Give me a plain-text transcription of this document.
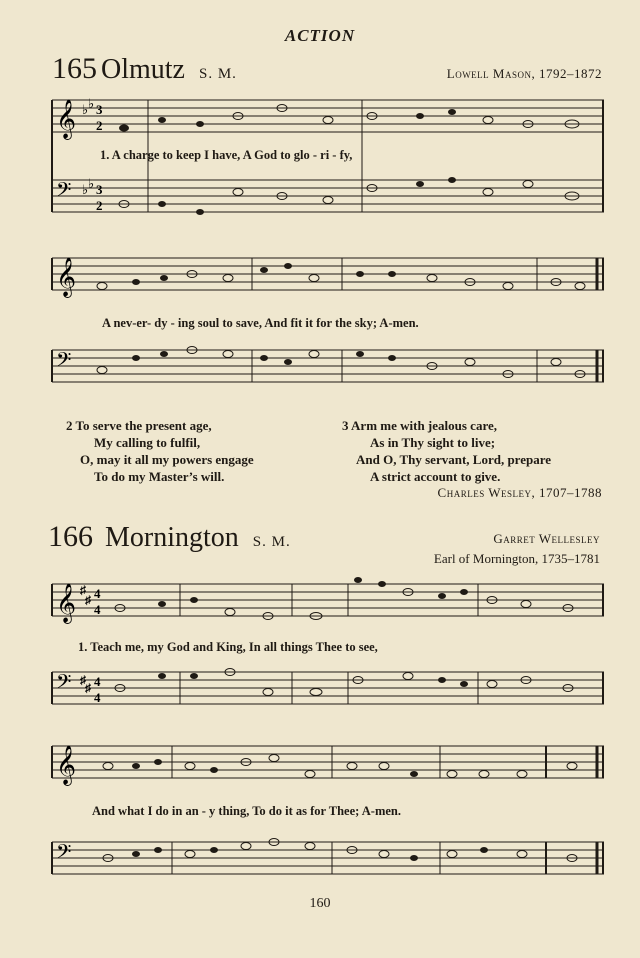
ACTION
165 Olmutz S. M.	Lowell Mason, 1792–1872
𝄞
𝄢
♭ ♭ 3
2
♭ ♭ 3
2
1. A charge to keep I have, A God to glo - ri - fy,
𝄞
𝄢
A nev-er- dy - ing soul to save, And fit it for the sky; A-men.
2 To serve the present age,
My calling to fulfil,
O, may it all my powers engage
To do my Master’s will.
3 Arm me with jealous care,
As in Thy sight to live;
And O, Thy servant, Lord, prepare
A strict account to give.
Charles Wesley, 1707–1788
166 Mornington S. M.	Garret Wellesley
Earl of Mornington, 1735–1781
𝄞
𝄢
♯
♯ 4
4
♯
♯ 4
4
1. Teach me, my God and King, In all things Thee to see,
𝄞
𝄢
And what I do in an - y thing, To do it as for Thee; A-men.
160
